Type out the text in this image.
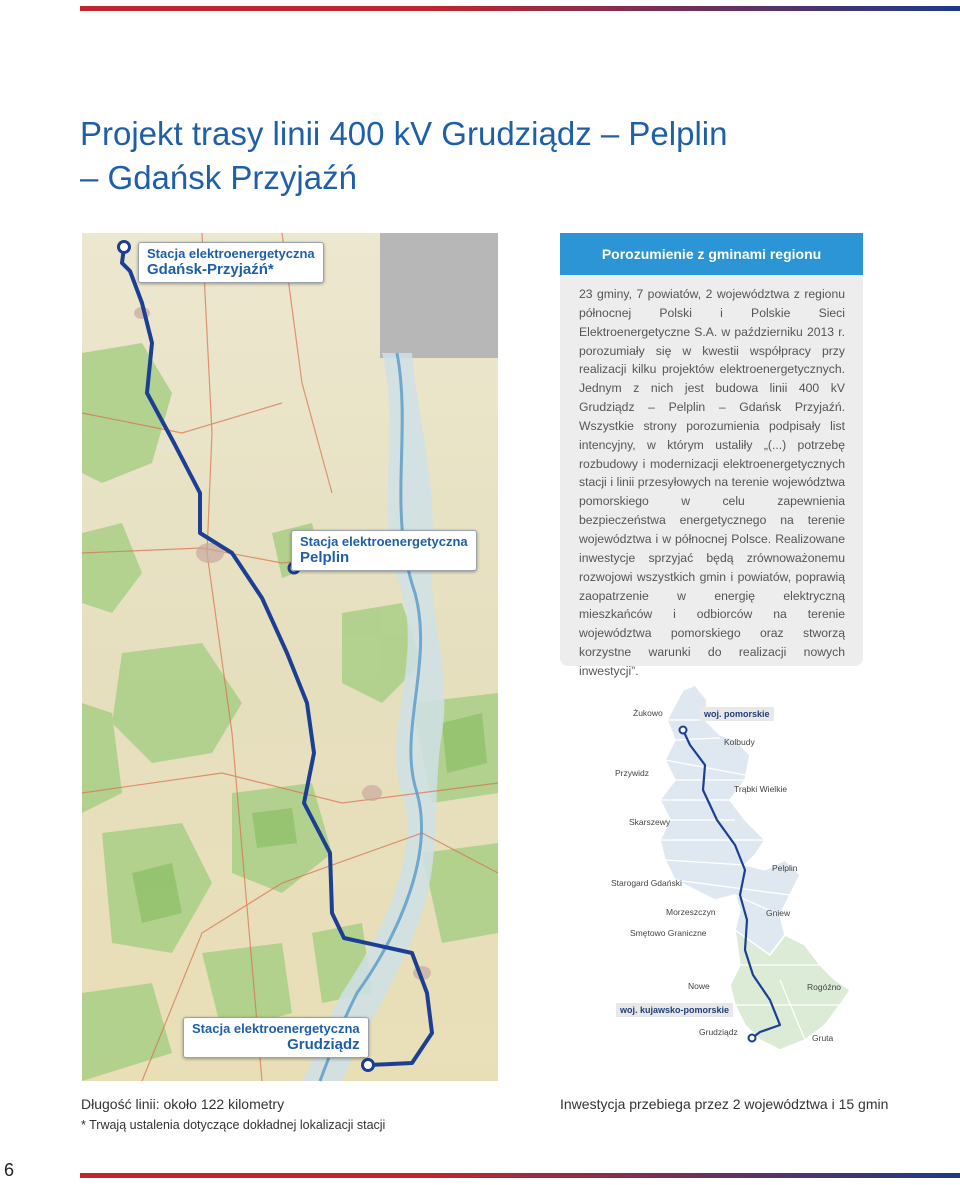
Projekt trasy linii 400 kV Grudziądz – Pelplin
– Gdańsk Przyjaźń
Stacja elektroenergetyczna
Gdańsk-Przyjaźń*
Stacja elektroenergetyczna
Pelplin
Stacja elektroenergetyczna
Grudziądz
Porozumienie z gminami regionu
23 gminy, 7 powiatów, 2 województwa z regionu północnej Polski i Polskie Sieci Elektroenergetyczne S.A. w październiku 2013 r. porozumiały się w kwestii współpracy przy realizacji kilku projektów elektroenergetycznych. Jednym z nich jest budowa linii 400 kV Grudziądz – Pelplin – Gdańsk Przyjaźń. Wszystkie strony porozumienia podpisały list intencyjny, w którym ustaliły „(...) potrzebę rozbudowy i modernizacji elektroenergetycznych stacji i linii przesyłowych na terenie województwa pomorskiego w celu zapewnienia bezpieczeństwa energetycznego na terenie województwa i w północnej Polsce. Realizowane inwestycje sprzyjać będą zrównoważonemu rozwojowi wszystkich gmin i powiatów, poprawią zaopatrzenie w energię elektryczną mieszkańców i odbiorców na terenie województwa pomorskiego oraz stworzą korzystne warunki do realizacji nowych inwestycji”.
Żukowo	woj. pomorskie
Kolbudy
Przywidz
Trąbki Wielkie
Skarszewy
Pelplin
Starogard Gdański
Morzeszczyn	Gniew
Smętowo Graniczne
Nowe	Rogóźno
woj. kujawsko-pomorskie
Grudziądz
Gruta
Długość linii: około 122 kilometry
* Trwają ustalenia dotyczące dokładnej lokalizacji stacji
Inwestycja przebiega przez 2 województwa i 15 gmin
6
